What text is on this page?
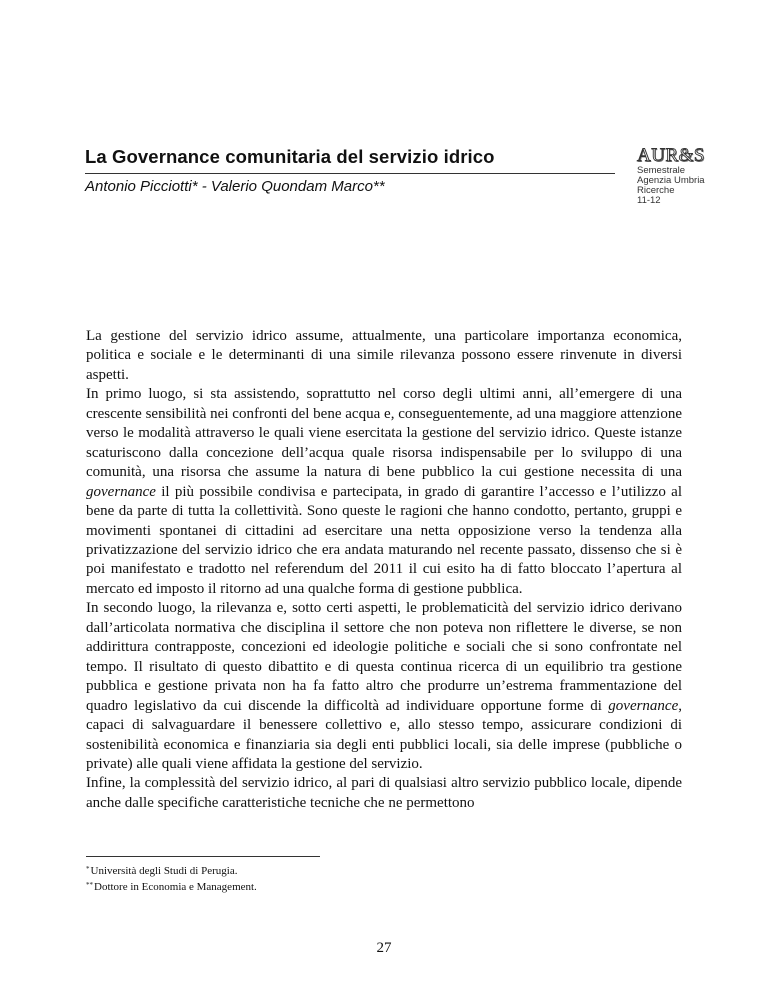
La Governance comunitaria del servizio idrico
Antonio Picciotti* - Valerio Quondam Marco**
AUR&S
Semestrale
Agenzia Umbria
Ricerche
11-12

La gestione del servizio idrico assume, attualmente, una particolare importanza economica, politica e sociale e le determinanti di una simile rilevanza possono essere rinvenute in diversi aspetti.

In primo luogo, si sta assistendo, soprattutto nel corso degli ultimi anni, all’emergere di una crescente sensibilità nei confronti del bene acqua e, conseguentemente, ad una maggiore attenzione verso le modalità attraverso le quali viene esercitata la gestione del servizio idrico. Queste istanze scaturiscono dalla concezione dell’acqua quale risorsa indispensabile per lo sviluppo di una comunità, una risorsa che assume la natura di bene pubblico la cui gestione necessita di una governance il più possibile condivisa e partecipata, in grado di garantire l’accesso e l’utilizzo al bene da parte di tutta la collettività. Sono queste le ragioni che hanno condotto, pertanto, gruppi e movimenti spontanei di cittadini ad esercitare una netta opposizione verso la tendenza alla privatizzazione del servizio idrico che era andata maturando nel recente passato, dissenso che si è poi manifestato e tradotto nel referendum del 2011 il cui esito ha di fatto bloccato l’apertura al mercato ed imposto il ritorno ad una qualche forma di gestione pubblica.

In secondo luogo, la rilevanza e, sotto certi aspetti, le problematicità del servizio idrico derivano dall’articolata normativa che disciplina il settore che non poteva non riflettere le diverse, se non addirittura contrapposte, concezioni ed ideologie politiche e sociali che si sono confrontate nel tempo. Il risultato di questo dibattito e di questa continua ricerca di un equilibrio tra gestione pubblica e gestione privata non ha fa fatto altro che produrre un’estrema frammentazione del quadro legislativo da cui discende la difficoltà ad individuare opportune forme di governance, capaci di salvaguardare il benessere collettivo e, allo stesso tempo, assicurare condizioni di sostenibilità economica e finanziaria sia degli enti pubblici locali, sia delle imprese (pubbliche o private) alle quali viene affidata la gestione del servizio.

Infine, la complessità del servizio idrico, al pari di qualsiasi altro servizio pubblico locale, dipende anche dalle specifiche caratteristiche tecniche che ne permettono

*Università degli Studi di Perugia.
**Dottore in Economia e Management.
27
